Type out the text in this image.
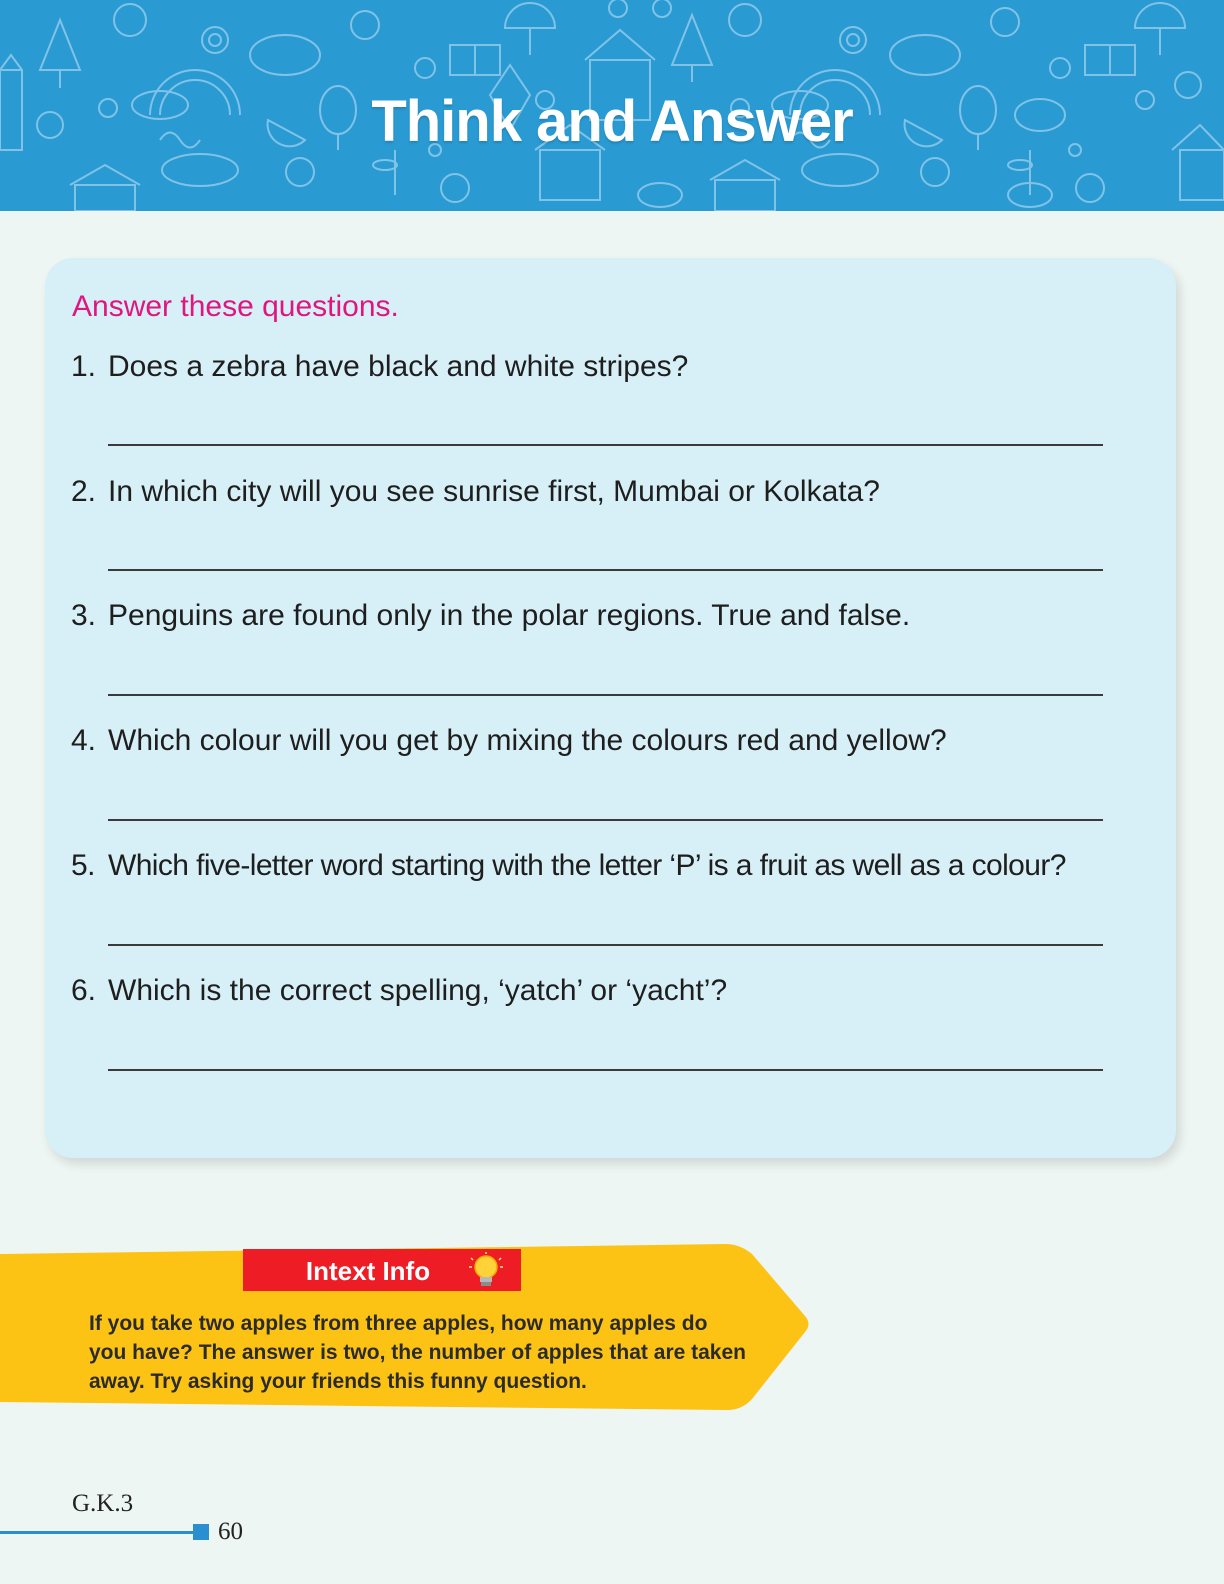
Think and Answer
Answer these questions.
1. Does a zebra have black and white stripes?
2. In which city will you see sunrise first, Mumbai or Kolkata?
3. Penguins are found only in the polar regions. True and false.
4. Which colour will you get by mixing the colours red and yellow?
5. Which five-letter word starting with the letter ‘P’ is a fruit as well as a colour?
6. Which is the correct spelling, ‘yatch’ or ‘yacht’?
Intext Info
If you take two apples from three apples, how many apples do you have? The answer is two, the number of apples that are taken away. Try asking your friends this funny question.
G.K.3
60
